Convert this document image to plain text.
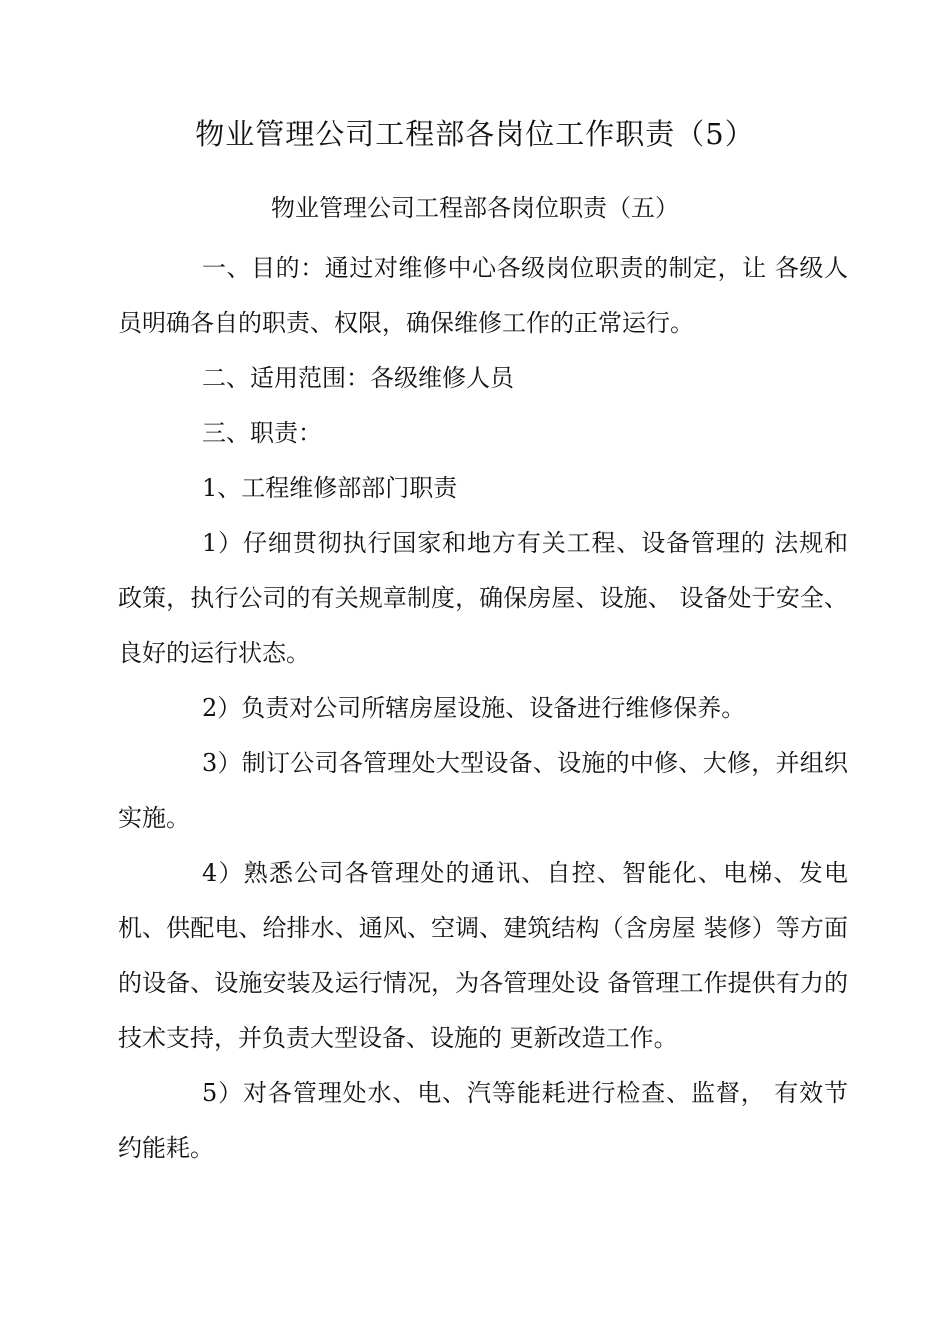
物业管理公司工程部各岗位工作职责（5）
物业管理公司工程部各岗位职责（五）

一、目的：通过对维修中心各级岗位职责的制定，让 各级人员明确各自的职责、权限，确保维修工作的正常运行。

二、适用范围：各级维修人员

三、职责：

1、工程维修部部门职责

1）仔细贯彻执行国家和地方有关工程、设备管理的 法规和政策，执行公司的有关规章制度，确保房屋、设施、 设备处于安全、良好的运行状态。

2）负责对公司所辖房屋设施、设备进行维修保养。

3）制订公司各管理处大型设备、设施的中修、大修，并组织实施。

4）熟悉公司各管理处的通讯、自控、智能化、电梯、发电机、供配电、给排水、通风、空调、建筑结构（含房屋 装修）等方面的设备、设施安装及运行情况，为各管理处设 备管理工作提供有力的技术支持，并负责大型设备、设施的 更新改造工作。

5）对各管理处水、电、汽等能耗进行检查、监督， 有效节约能耗。
